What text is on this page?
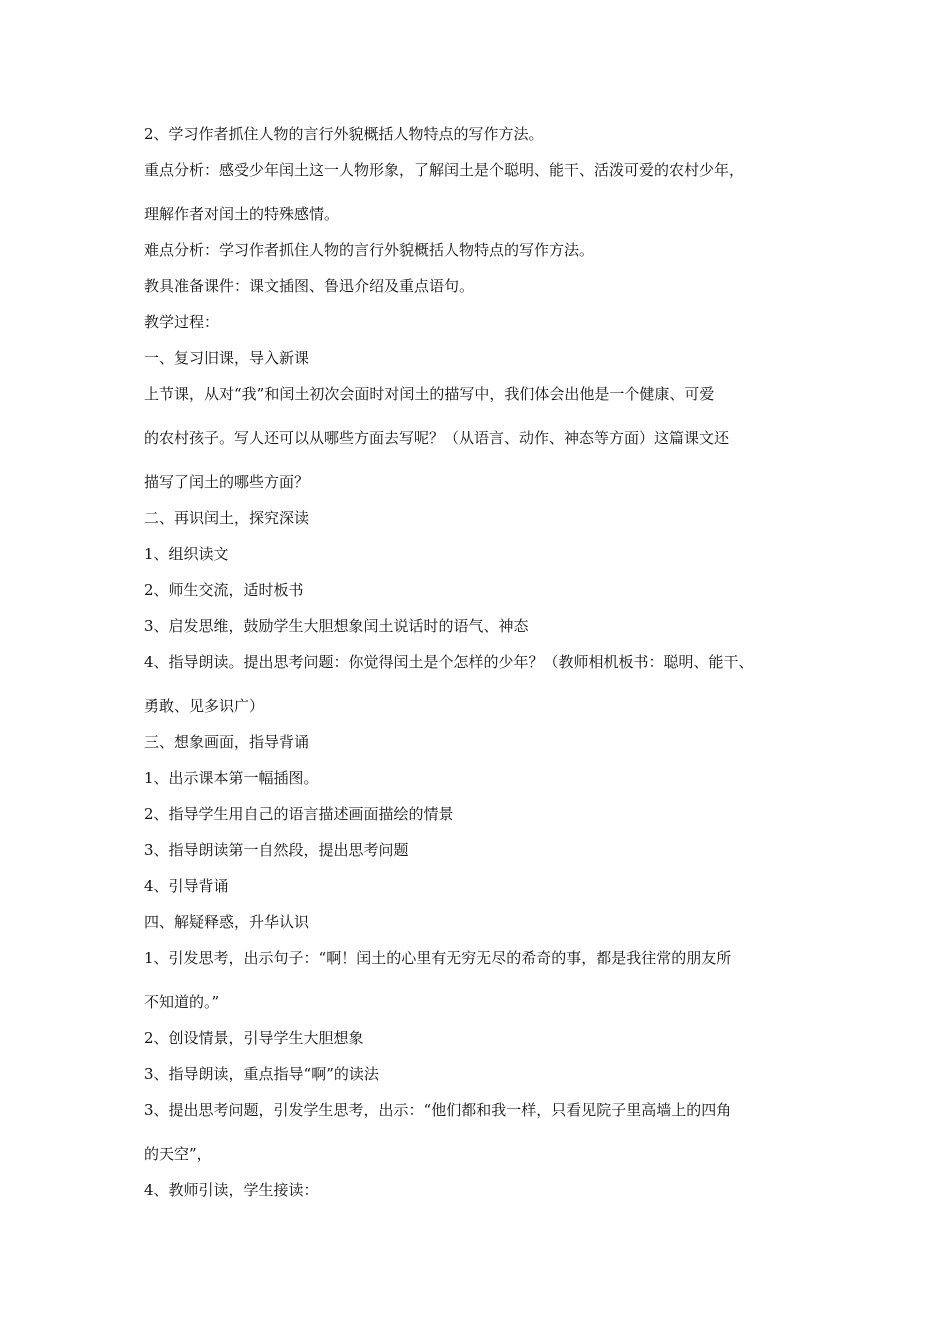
2、学习作者抓住人物的言行外貌概括人物特点的写作方法。

重点分析：感受少年闰土这一人物形象，了解闰土是个聪明、能干、活泼可爱的农村少年，

理解作者对闰土的特殊感情。

难点分析：学习作者抓住人物的言行外貌概括人物特点的写作方法。

教具准备课件：课文插图、鲁迅介绍及重点语句。

教学过程：

一、复习旧课，导入新课

上节课，从对“我”和闰土初次会面时对闰土的描写中，我们体会出他是一个健康、可爱

的农村孩子。写人还可以从哪些方面去写呢？（从语言、动作、神态等方面）这篇课文还

描写了闰土的哪些方面？

二、再识闰土，探究深读

1、组织读文

2、师生交流，适时板书

3、启发思维，鼓励学生大胆想象闰土说话时的语气、神态

4、指导朗读。提出思考问题：你觉得闰土是个怎样的少年？（教师相机板书：聪明、能干、

勇敢、见多识广）

三、想象画面，指导背诵

1、出示课本第一幅插图。

2、指导学生用自己的语言描述画面描绘的情景

3、指导朗读第一自然段，提出思考问题

4、引导背诵

四、解疑释惑，升华认识

1、引发思考，出示句子：“啊！闰土的心里有无穷无尽的希奇的事，都是我往常的朋友所

不知道的。”

2、创设情景，引导学生大胆想象

3、指导朗读，重点指导“啊”的读法

3、提出思考问题，引发学生思考，出示：“他们都和我一样，只看见院子里高墙上的四角

的天空”，

4、教师引读，学生接读：
